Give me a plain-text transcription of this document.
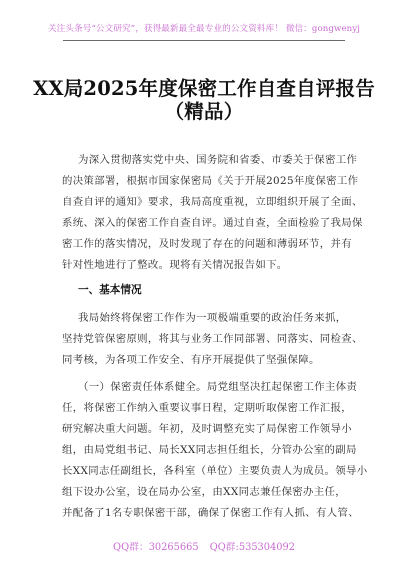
关注头条号“公文研究”，获得最新最全最专业的公文资料库！ 微信：gongwenyj
XX局2025年度保密工作自查自评报告
（精品）
为深入贯彻落实党中央、国务院和省委、市委关于保密工作
的决策部署，根据市国家保密局《关于开展2025年度保密工作
自查自评的通知》要求，我局高度重视，立即组织开展了全面、
系统、深入的保密工作自查自评。通过自查，全面检验了我局保
密工作的落实情况，及时发现了存在的问题和薄弱环节，并有
针对性地进行了整改。现将有关情况报告如下。
一、基本情况
我局始终将保密工作作为一项极端重要的政治任务来抓，
坚持党管保密原则，将其与业务工作同部署、同落实、同检查、
同考核，为各项工作安全、有序开展提供了坚强保障。
（一）保密责任体系健全。局党组坚决扛起保密工作主体责
任，将保密工作纳入重要议事日程，定期听取保密工作汇报，
研究解决重大问题。年初，及时调整充实了局保密工作领导小
组，由局党组书记、局长XX同志担任组长，分管办公室的副局
长XX同志任副组长，各科室（单位）主要负责人为成员。领导小
组下设办公室，设在局办公室，由XX同志兼任保密办主任，
并配备了1名专职保密干部，确保了保密工作有人抓、有人管、
QQ群：30265665 QQ群:535304092
